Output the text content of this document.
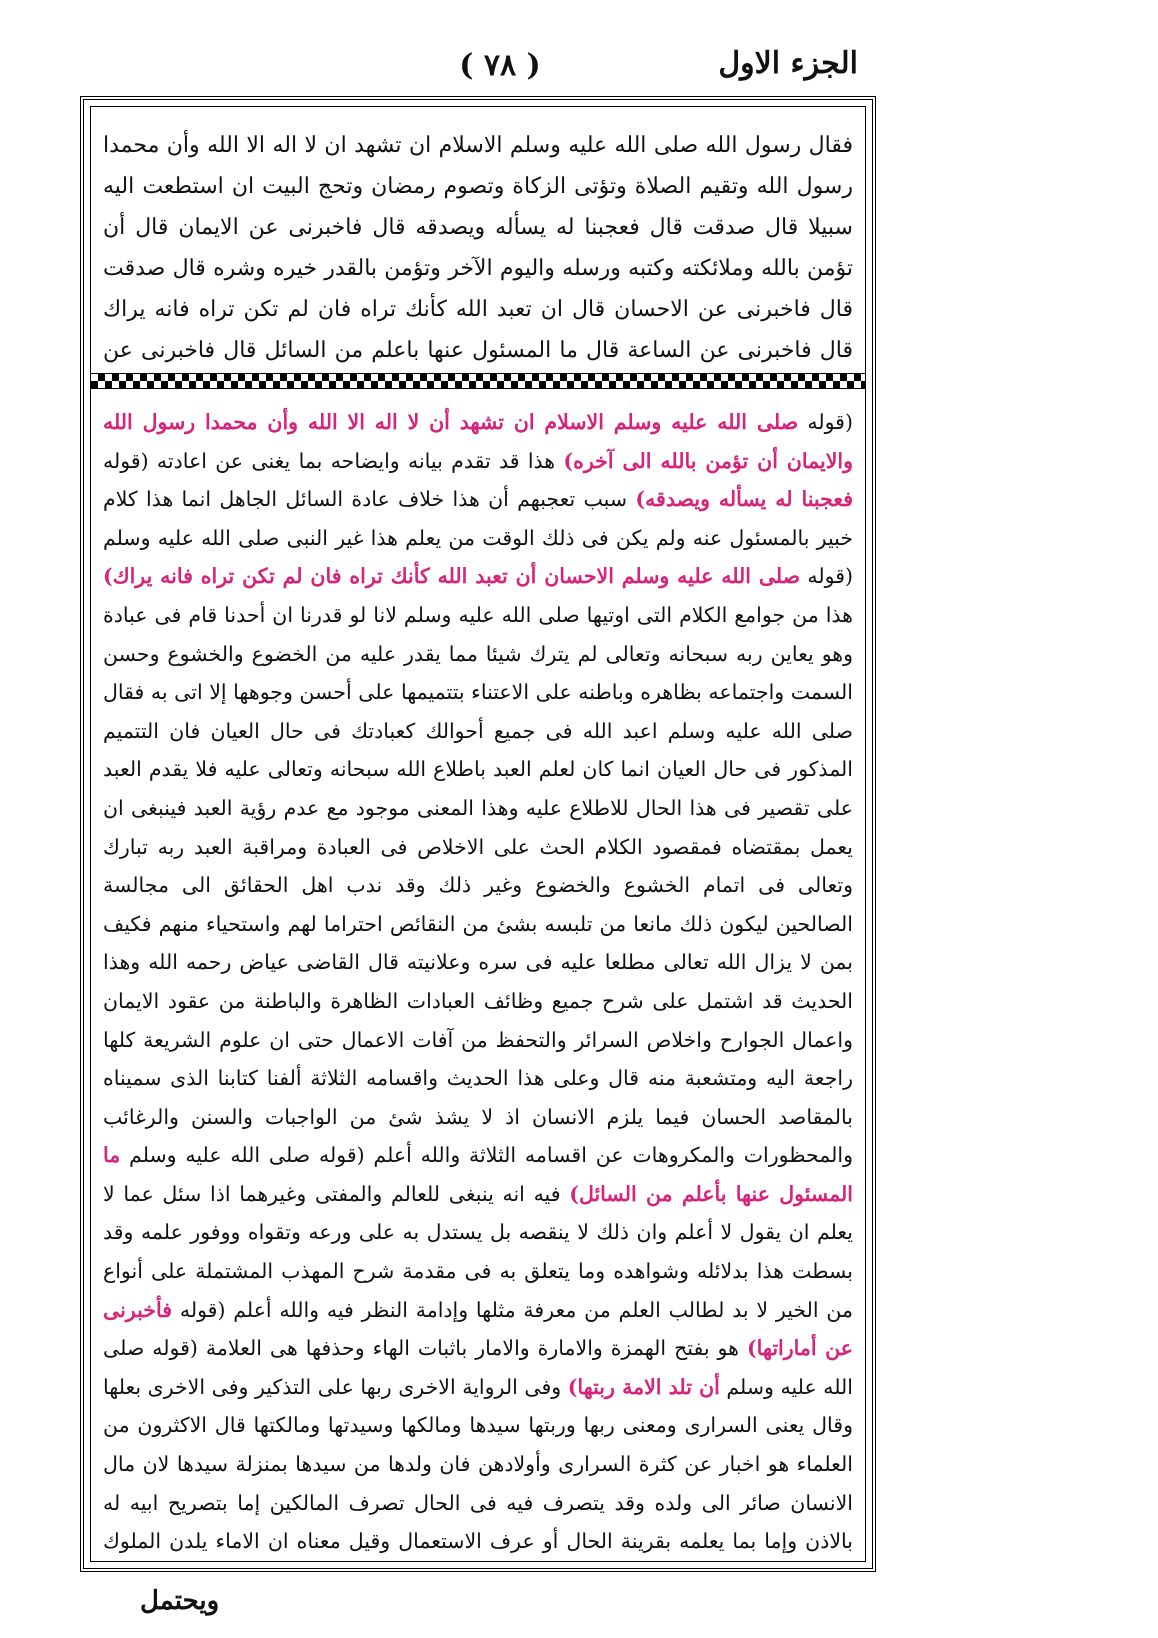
( ٧٨ )	الجزء الاول
فقال رسول الله صلى الله عليه وسلم الاسلام ان تشهد ان لا اله الا الله وأن محمدا رسول الله وتقيم الصلاة وتؤتى الزكاة وتصوم رمضان وتحج البيت ان استطعت اليه سبيلا قال صدقت قال فعجبنا له يسأله ويصدقه قال فاخبرنى عن الايمان قال أن تؤمن بالله وملائكته وكتبه ورسله واليوم الآخر وتؤمن بالقدر خيره وشره قال صدقت قال فاخبرنى عن الاحسان قال ان تعبد الله كأنك تراه فان لم تكن تراه فانه يراك قال فاخبرنى عن الساعة قال ما المسئول عنها باعلم من السائل قال فاخبرنى عن
(قوله صلى الله عليه وسلم الاسلام ان تشهد أن لا اله الا الله وأن محمدا رسول الله والايمان أن تؤمن بالله الى آخره) هذا قد تقدم بيانه وايضاحه بما يغنى عن اعادته (قوله فعجبنا له يسأله ويصدقه) سبب تعجبهم أن هذا خلاف عادة السائل الجاهل انما هذا كلام خبير بالمسئول عنه ولم يكن فى ذلك الوقت من يعلم هذا غير النبى صلى الله عليه وسلم (قوله صلى الله عليه وسلم الاحسان أن تعبد الله كأنك تراه فان لم تكن تراه فانه يراك) هذا من جوامع الكلام التى اوتيها صلى الله عليه وسلم لانا لو قدرنا ان أحدنا قام فى عبادة وهو يعاين ربه سبحانه وتعالى لم يترك شيئا مما يقدر عليه من الخضوع والخشوع وحسن السمت واجتماعه بظاهره وباطنه على الاعتناء بتتميمها على أحسن وجوهها إلا اتى به فقال صلى الله عليه وسلم اعبد الله فى جميع أحوالك كعبادتك فى حال العيان فان التتميم المذكور فى حال العيان انما كان لعلم العبد باطلاع الله سبحانه وتعالى عليه فلا يقدم العبد على تقصير فى هذا الحال للاطلاع عليه وهذا المعنى موجود مع عدم رؤية العبد فينبغى ان يعمل بمقتضاه فمقصود الكلام الحث على الاخلاص فى العبادة ومراقبة العبد ربه تبارك وتعالى فى اتمام الخشوع والخضوع وغير ذلك وقد ندب اهل الحقائق الى مجالسة الصالحين ليكون ذلك مانعا من تلبسه بشئ من النقائص احتراما لهم واستحياء منهم فكيف بمن لا يزال الله تعالى مطلعا عليه فى سره وعلانيته قال القاضى عياض رحمه الله وهذا الحديث قد اشتمل على شرح جميع وظائف العبادات الظاهرة والباطنة من عقود الايمان واعمال الجوارح واخلاص السرائر والتحفظ من آفات الاعمال حتى ان علوم الشريعة كلها راجعة اليه ومتشعبة منه قال وعلى هذا الحديث واقسامه الثلاثة ألفنا كتابنا الذى سميناه بالمقاصد الحسان فيما يلزم الانسان اذ لا يشذ شئ من الواجبات والسنن والرغائب والمحظورات والمكروهات عن اقسامه الثلاثة والله أعلم (قوله صلى الله عليه وسلم ما المسئول عنها بأعلم من السائل) فيه انه ينبغى للعالم والمفتى وغيرهما اذا سئل عما لا يعلم ان يقول لا أعلم وان ذلك لا ينقصه بل يستدل به على ورعه وتقواه ووفور علمه وقد بسطت هذا بدلائله وشواهده وما يتعلق به فى مقدمة شرح المهذب المشتملة على أنواع من الخير لا بد لطالب العلم من معرفة مثلها وإدامة النظر فيه والله أعلم (قوله فأخبرنى عن أماراتها) هو بفتح الهمزة والامارة والامار باثبات الهاء وحذفها هى العلامة (قوله صلى الله عليه وسلم أن تلد الامة ربتها) وفى الرواية الاخرى ربها على التذكير وفى الاخرى بعلها وقال يعنى السرارى ومعنى ربها وربتها سيدها ومالكها وسيدتها ومالكتها قال الاكثرون من العلماء هو اخبار عن كثرة السرارى وأولادهن فان ولدها من سيدها بمنزلة سيدها لان مال الانسان صائر الى ولده وقد يتصرف فيه فى الحال تصرف المالكين إما بتصريح ابيه له بالاذن وإما بما يعلمه بقرينة الحال أو عرف الاستعمال وقيل معناه ان الاماء يلدن الملوك
ويحتمل
